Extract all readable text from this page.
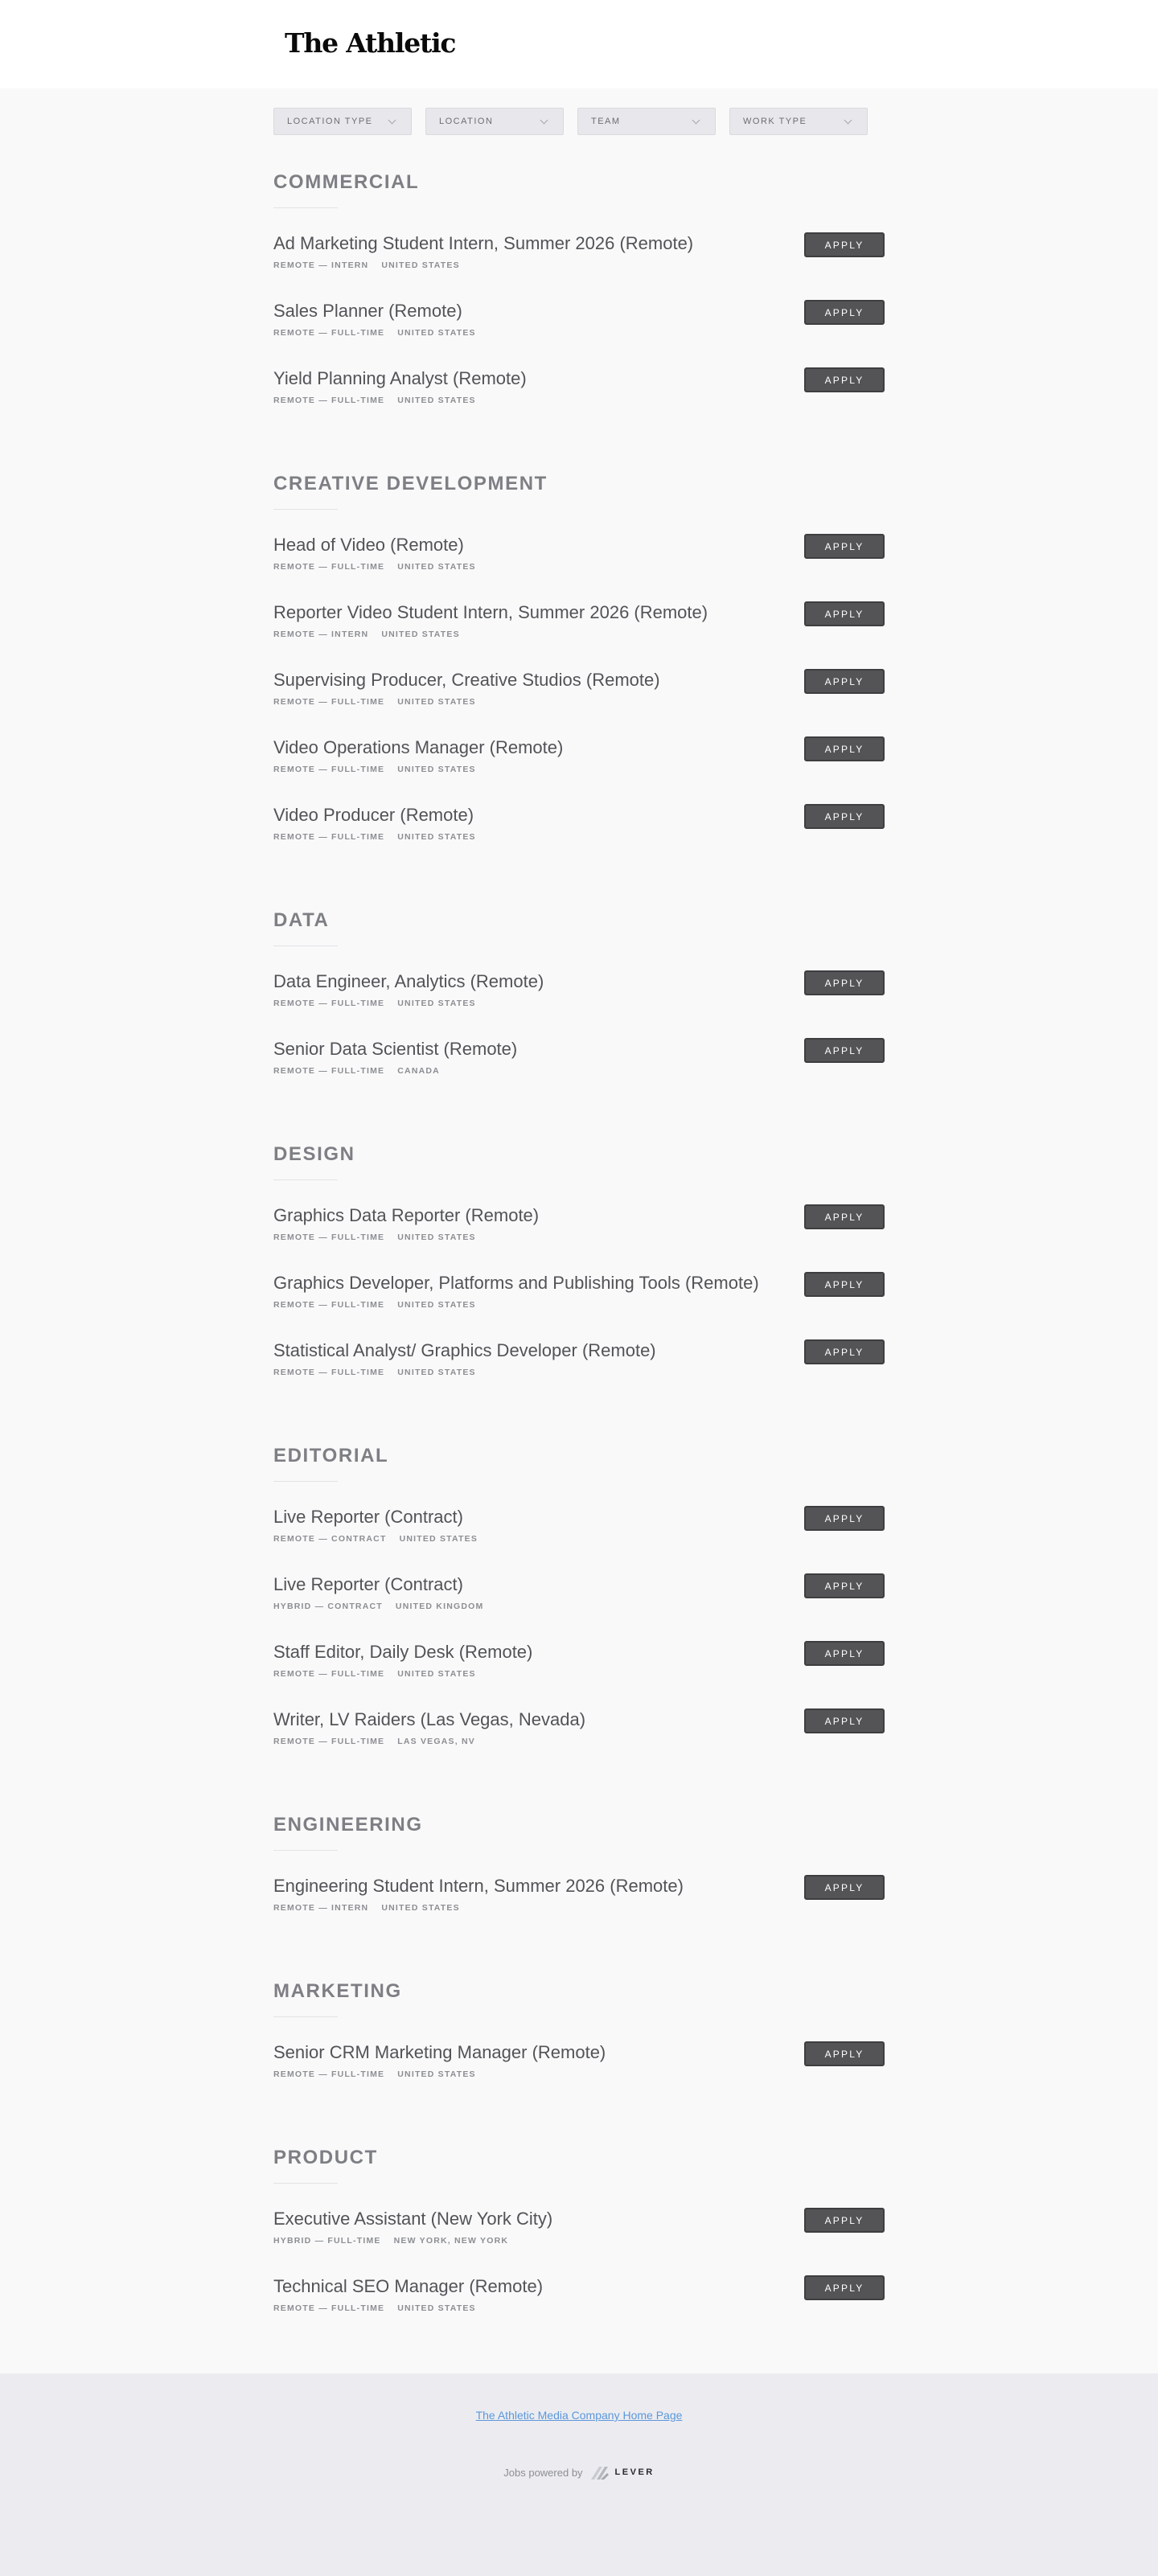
The Athletic
LOCATION TYPE	LOCATION	TEAM	WORK TYPE
COMMERCIAL
Ad Marketing Student Intern, Summer 2026 (Remote)
REMOTE — INTERN UNITED STATES
APPLY
Sales Planner (Remote)
REMOTE — FULL-TIME UNITED STATES
APPLY
Yield Planning Analyst (Remote)
REMOTE — FULL-TIME UNITED STATES
APPLY
CREATIVE DEVELOPMENT
Head of Video (Remote)
REMOTE — FULL-TIME UNITED STATES
APPLY
Reporter Video Student Intern, Summer 2026 (Remote)
REMOTE — INTERN UNITED STATES
APPLY
Supervising Producer, Creative Studios (Remote)
REMOTE — FULL-TIME UNITED STATES
APPLY
Video Operations Manager (Remote)
REMOTE — FULL-TIME UNITED STATES
APPLY
Video Producer (Remote)
REMOTE — FULL-TIME UNITED STATES
APPLY
DATA
Data Engineer, Analytics (Remote)
REMOTE — FULL-TIME UNITED STATES
APPLY
Senior Data Scientist (Remote)
REMOTE — FULL-TIME CANADA
APPLY
DESIGN
Graphics Data Reporter (Remote)
REMOTE — FULL-TIME UNITED STATES
APPLY
Graphics Developer, Platforms and Publishing Tools (Remote)
REMOTE — FULL-TIME UNITED STATES
APPLY
Statistical Analyst/ Graphics Developer (Remote)
REMOTE — FULL-TIME UNITED STATES
APPLY
EDITORIAL
Live Reporter (Contract)
REMOTE — CONTRACT UNITED STATES
APPLY
Live Reporter (Contract)
HYBRID — CONTRACT UNITED KINGDOM
APPLY
Staff Editor, Daily Desk (Remote)
REMOTE — FULL-TIME UNITED STATES
APPLY
Writer, LV Raiders (Las Vegas, Nevada)
REMOTE — FULL-TIME LAS VEGAS, NV
APPLY
ENGINEERING
Engineering Student Intern, Summer 2026 (Remote)
REMOTE — INTERN UNITED STATES
APPLY
MARKETING
Senior CRM Marketing Manager (Remote)
REMOTE — FULL-TIME UNITED STATES
APPLY
PRODUCT
Executive Assistant (New York City)
HYBRID — FULL-TIME NEW YORK, NEW YORK
APPLY
Technical SEO Manager (Remote)
REMOTE — FULL-TIME UNITED STATES
APPLY
The Athletic Media Company Home Page
Jobs powered by	LEVER
